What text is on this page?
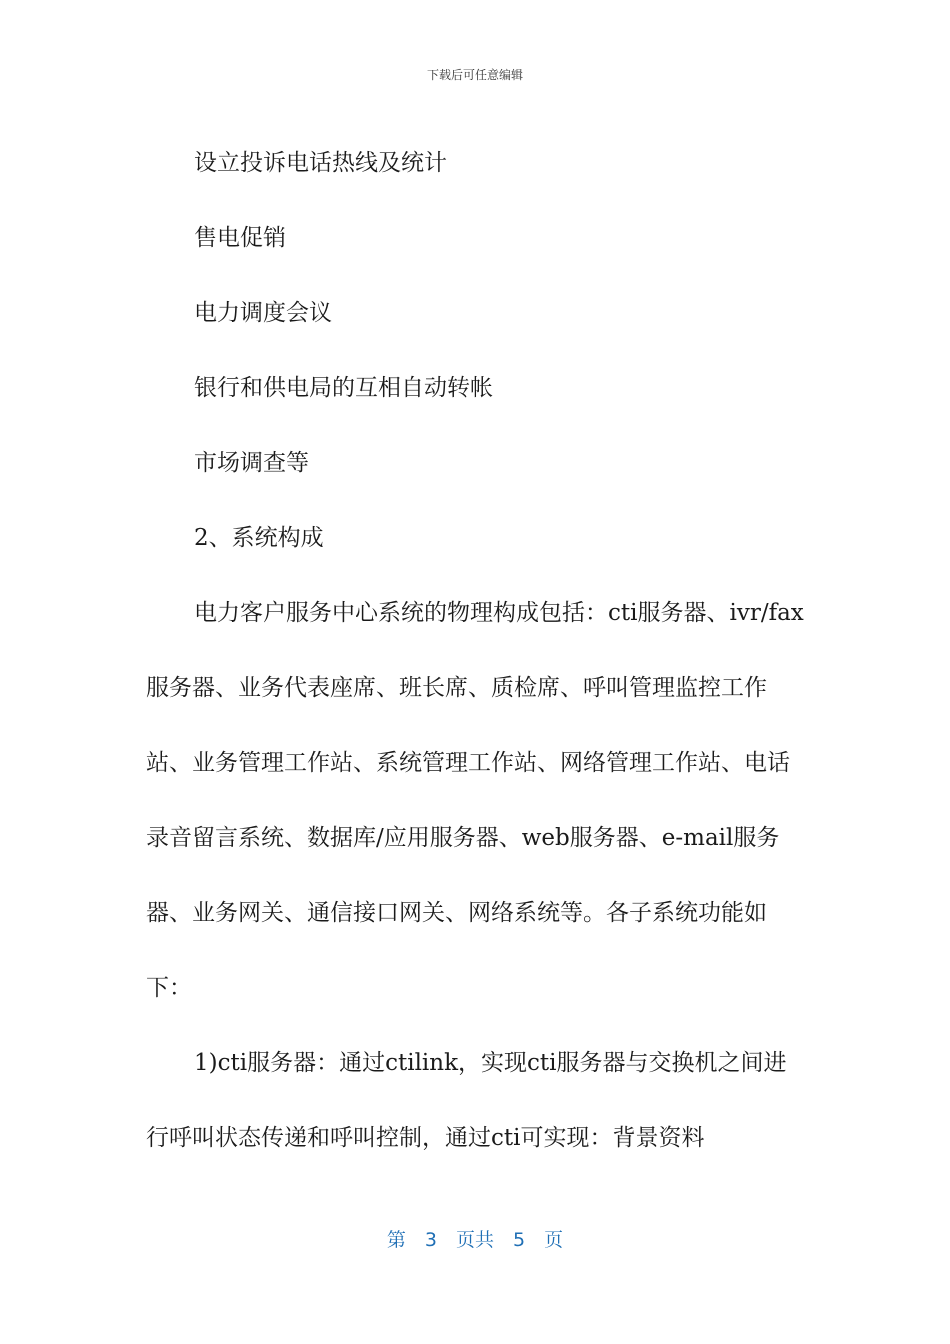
下载后可任意编辑

设立投诉电话热线及统计

售电促销

电力调度会议

银行和供电局的互相自动转帐

市场调查等

2、系统构成

电力客户服务中心系统的物理构成包括：cti服务器、ivr/fax服务器、业务代表座席、班长席、质检席、呼叫管理监控工作站、业务管理工作站、系统管理工作站、网络管理工作站、电话录音留言系统、数据库/应用服务器、web服务器、e-mail服务器、业务网关、通信接口网关、网络系统等。各子系统功能如下：

1)cti服务器：通过ctilink，实现cti服务器与交换机之间进行呼叫状态传递和呼叫控制，通过cti可实现：背景资料

第　3　页共　5　页
